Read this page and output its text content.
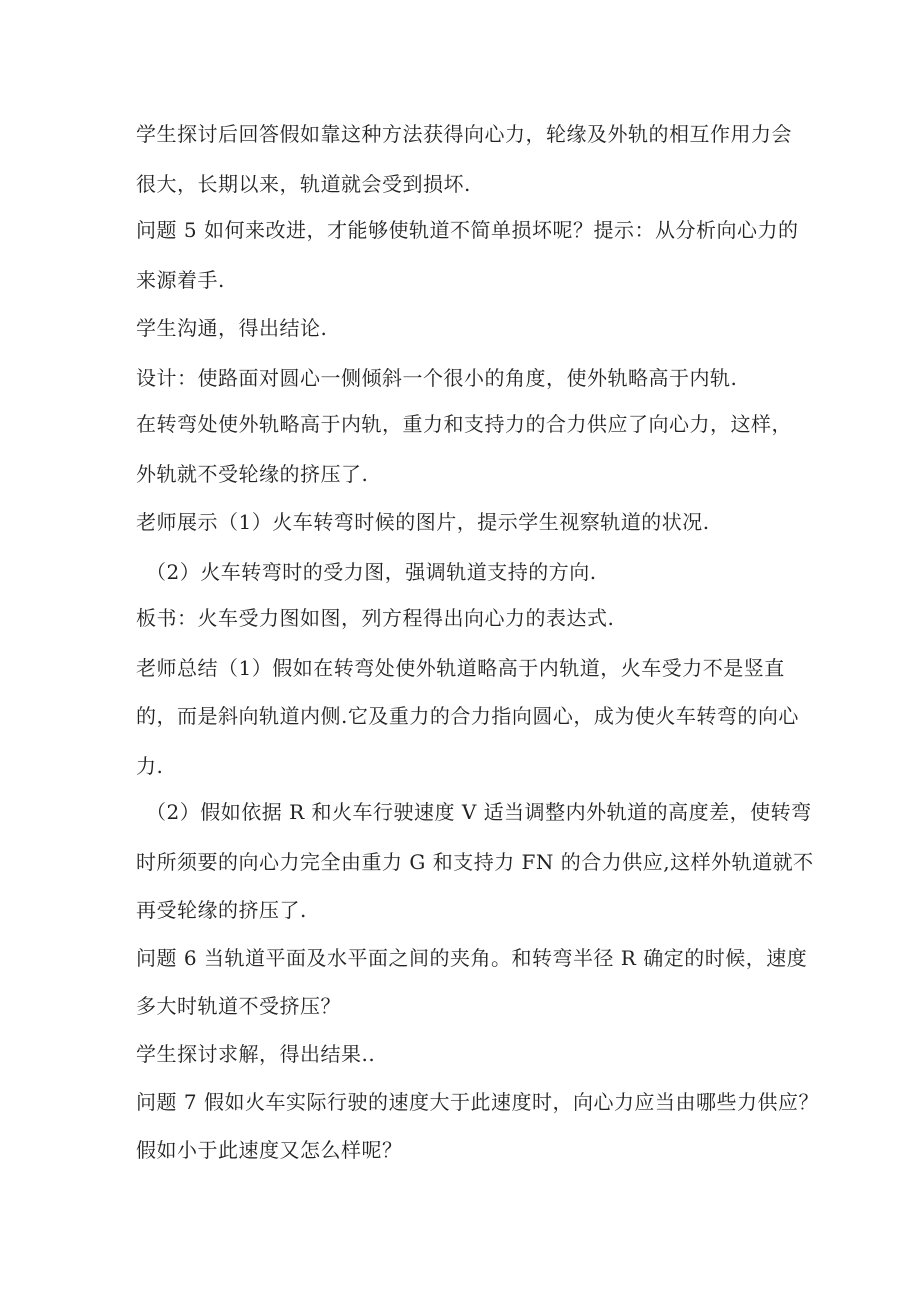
学生探讨后回答假如靠这种方法获得向心力，轮缘及外轨的相互作用力会
很大，长期以来，轨道就会受到损坏.
问题 5 如何来改进，才能够使轨道不简单损坏呢？提示：从分析向心力的
来源着手.
学生沟通，得出结论.
设计：使路面对圆心一侧倾斜一个很小的角度，使外轨略高于内轨.
在转弯处使外轨略高于内轨，重力和支持力的合力供应了向心力，这样，
外轨就不受轮缘的挤压了.
老师展示（1）火车转弯时候的图片，提示学生视察轨道的状况.
（2）火车转弯时的受力图，强调轨道支持的方向.
板书：火车受力图如图，列方程得出向心力的表达式.
老师总结（1）假如在转弯处使外轨道略高于内轨道，火车受力不是竖直
的，而是斜向轨道内侧.它及重力的合力指向圆心，成为使火车转弯的向心
力.
（2）假如依据 R 和火车行驶速度 V 适当调整内外轨道的高度差，使转弯
时所须要的向心力完全由重力 G 和支持力 FN 的合力供应,这样外轨道就不
再受轮缘的挤压了.
问题 6 当轨道平面及水平面之间的夹角。和转弯半径 R 确定的时候，速度
多大时轨道不受挤压？
学生探讨求解，得出结果..
问题 7 假如火车实际行驶的速度大于此速度时，向心力应当由哪些力供应？
假如小于此速度又怎么样呢？
